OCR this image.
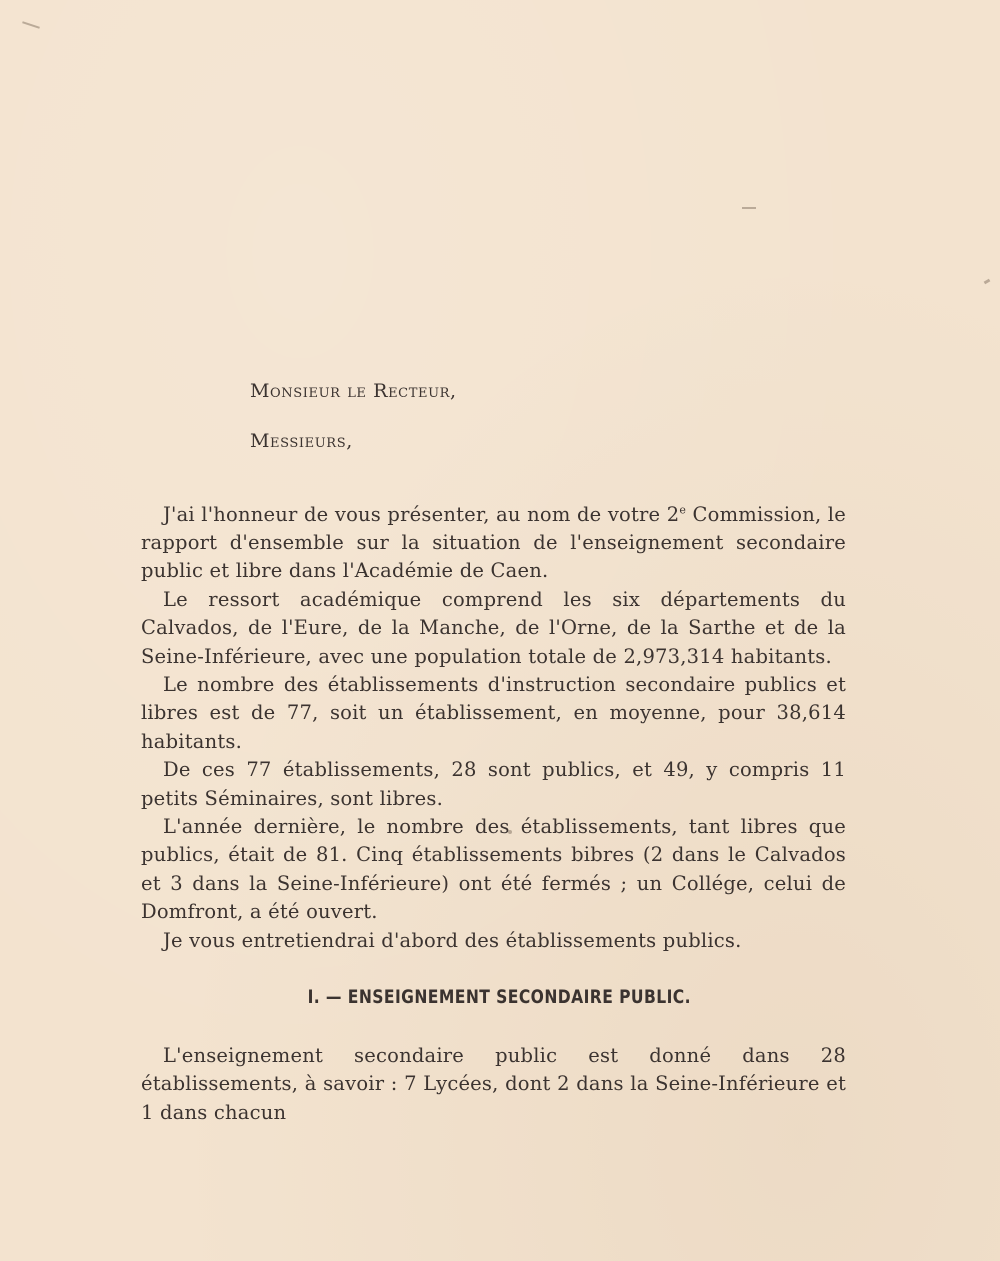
Monsieur le Recteur,
Messieurs,

J'ai l'honneur de vous présenter, au nom de votre 2e Commission, le rapport d'ensemble sur la situation de l'enseignement secondaire public et libre dans l'Académie de Caen.

Le ressort académique comprend les six départements du Calvados, de l'Eure, de la Manche, de l'Orne, de la Sarthe et de la Seine-Inférieure, avec une population totale de 2,973,314 habitants.

Le nombre des établissements d'instruction secondaire publics et libres est de 77, soit un établissement, en moyenne, pour 38,614 habitants.

De ces 77 établissements, 28 sont publics, et 49, y compris 11 petits Séminaires, sont libres.

L'année dernière, le nombre des établissements, tant libres que publics, était de 81. Cinq établissements bibres (2 dans le Calvados et 3 dans la Seine-Inférieure) ont été fermés ; un Collége, celui de Domfront, a été ouvert.

Je vous entretiendrai d'abord des établissements publics.

I. — ENSEIGNEMENT SECONDAIRE PUBLIC.

L'enseignement secondaire public est donné dans 28 établissements, à savoir : 7 Lycées, dont 2 dans la Seine-Inférieure et 1 dans chacun
